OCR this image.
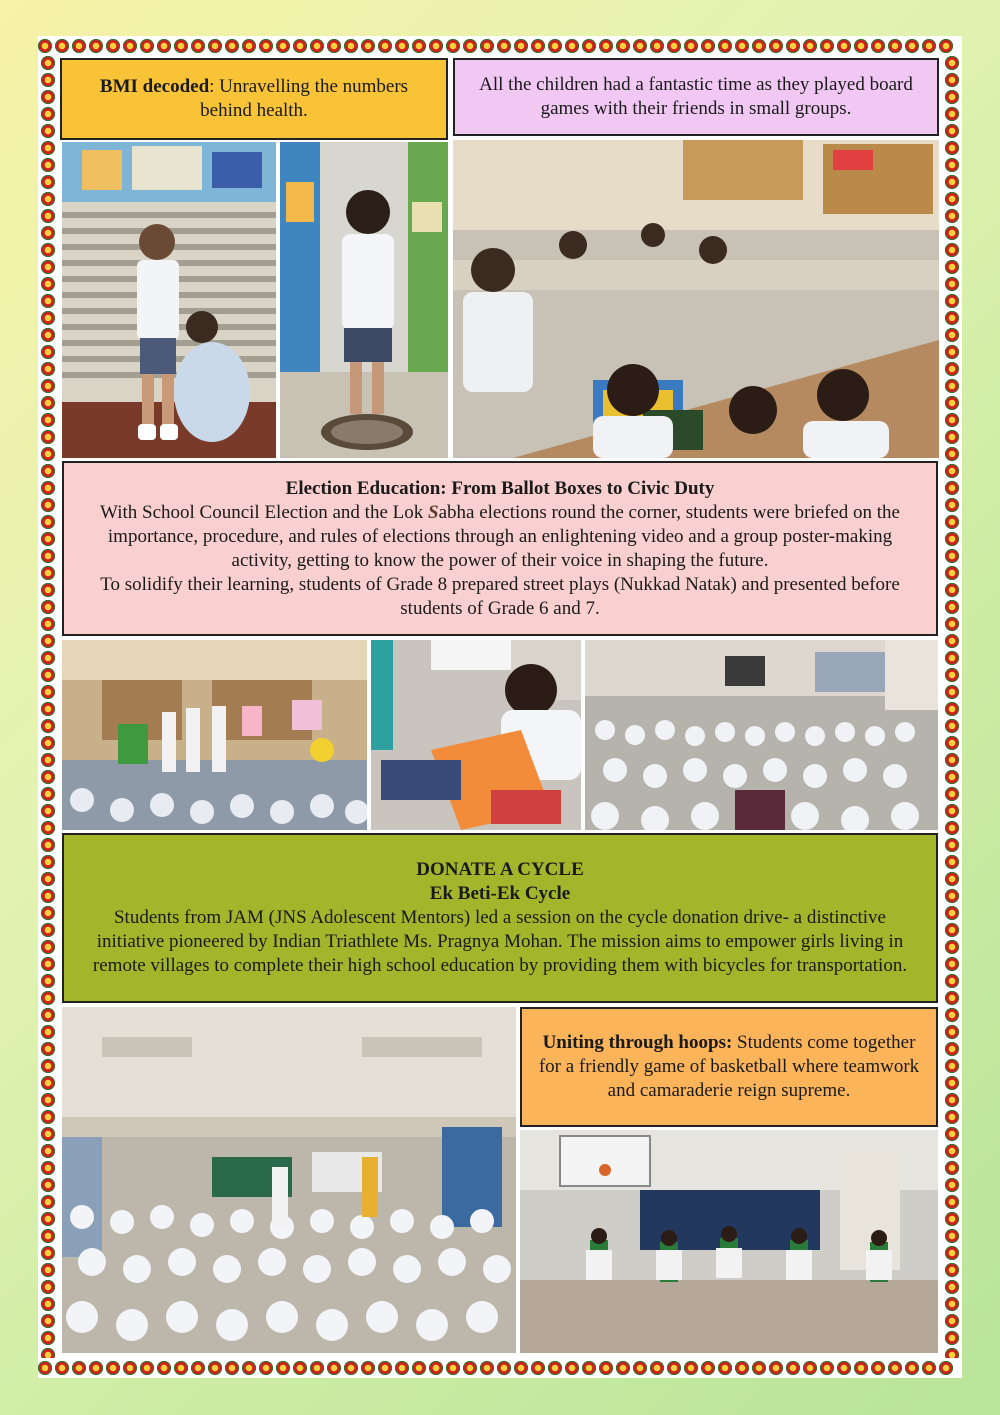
BMI decoded: Unravelling the numbers behind health.
All the children had a fantastic time as they played board games with their friends in small groups.
Election Education: From Ballot Boxes to Civic Duty
With School Council Election and the Lok Sabha elections round the corner, students were briefed on the importance, procedure, and rules of elections through an enlightening video and a group poster-making activity, getting to know the power of their voice in shaping the future.
To solidify their learning, students of Grade 8 prepared street plays (Nukkad Natak) and presented before students of Grade 6 and 7.
DONATE A CYCLE
Ek Beti-Ek Cycle
Students from JAM (JNS Adolescent Mentors) led a session on the cycle donation drive- a distinctive initiative pioneered by Indian Triathlete Ms. Pragnya Mohan. The mission aims to empower girls living in remote villages to complete their high school education by providing them with bicycles for transportation.
Uniting through hoops: Students come together for a friendly game of basketball where teamwork and camaraderie reign supreme.
